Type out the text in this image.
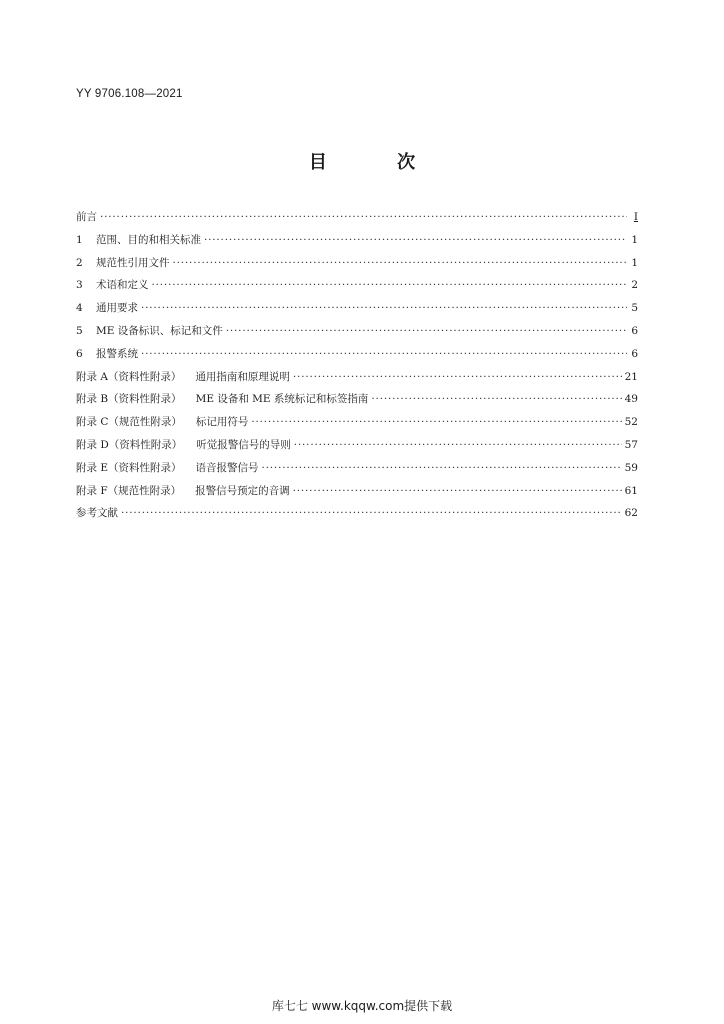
YY 9706.108—2021
目 次
前言 ·····	Ⅰ
1	范围、目的和相关标准 ·····	1
2	规范性引用文件 ·····	1
3	术语和定义 ·····	2
4	通用要求 ·····	5
5	ME 设备标识、标记和文件 ·····	6
6	报警系统 ·····	6
附录 A（资料性附录）	通用指南和原理说明 ·····	21
附录 B（资料性附录）	ME 设备和 ME 系统标记和标签指南 ·····	49
附录 C（规范性附录）	标记用符号 ·····	52
附录 D（资料性附录）	听觉报警信号的导则 ·····	57
附录 E（资料性附录）	语音报警信号 ·····	59
附录 F（规范性附录）	报警信号预定的音调 ·····	61
参考文献 ·····	62
库七七 www.kqqw.com提供下载
